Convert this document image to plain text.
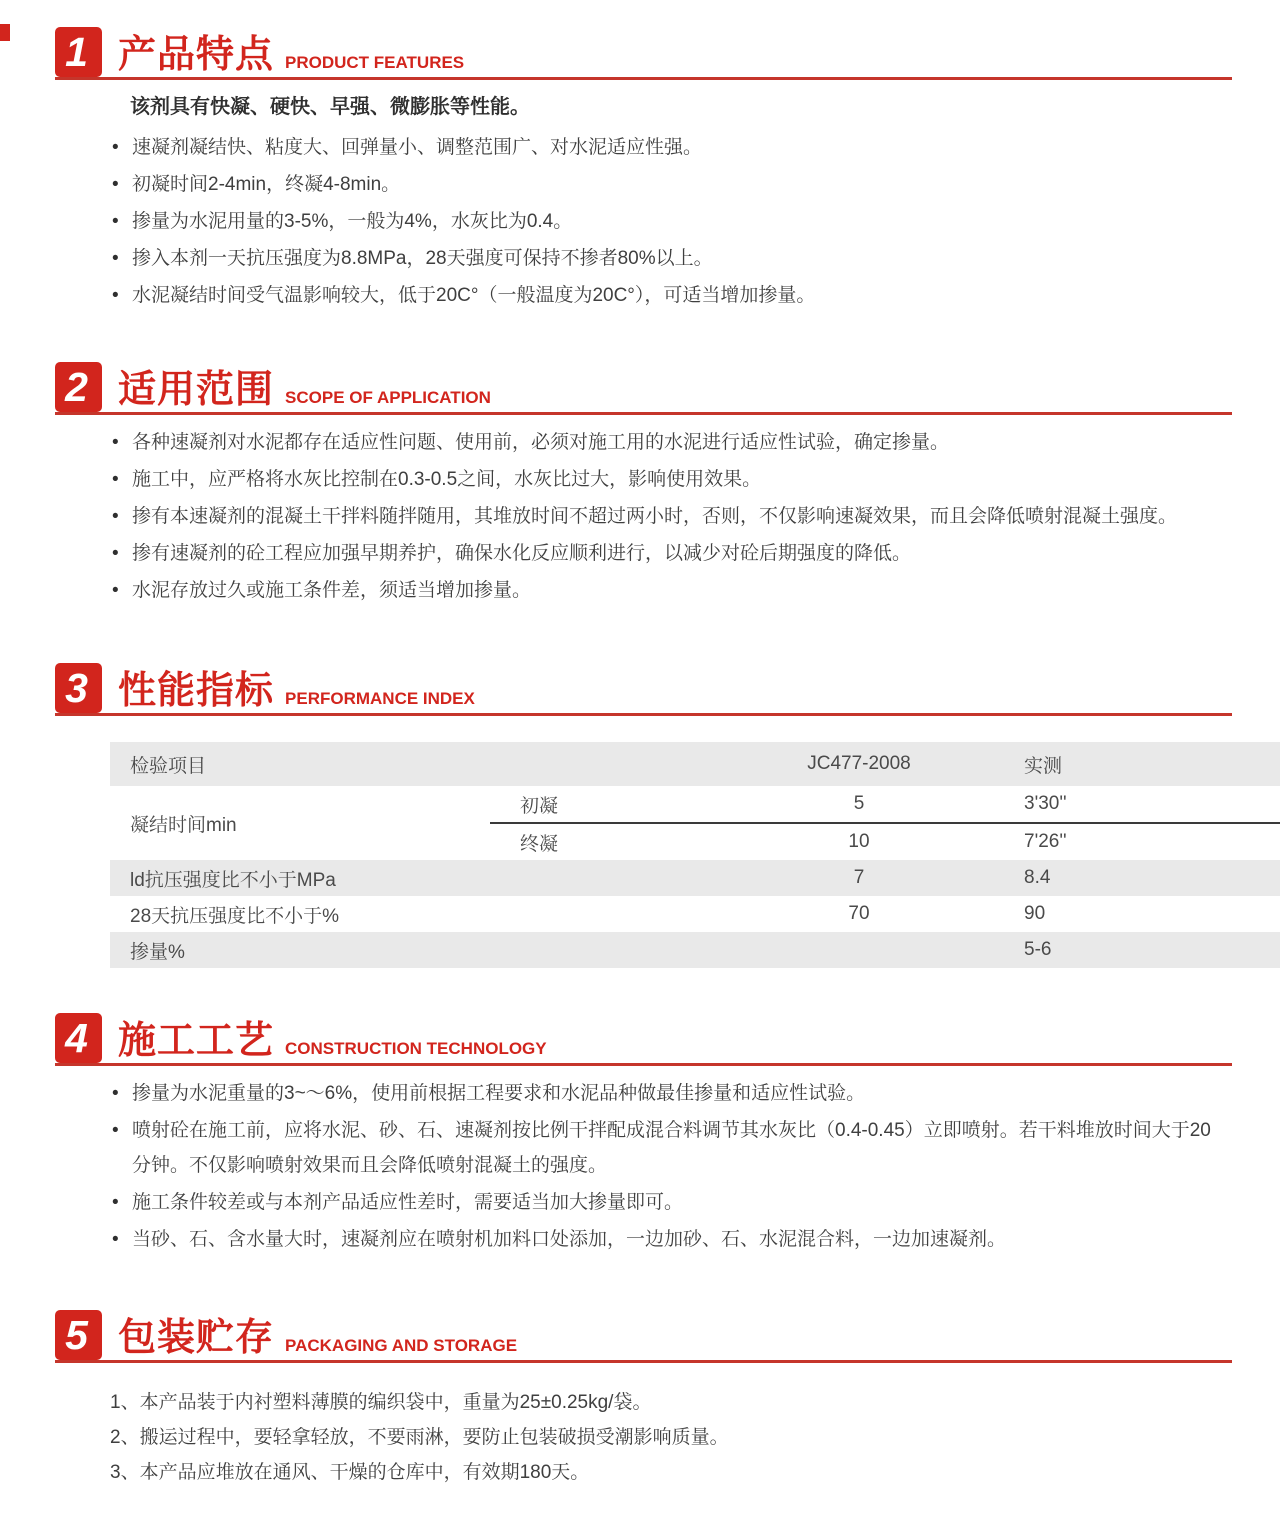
1 产品特点 PRODUCT FEATURES
该剂具有快凝、硬快、早强、微膨胀等性能。
• 速凝剂凝结快、粘度大、回弹量小、调整范围广、对水泥适应性强。
• 初凝时间2-4min，终凝4-8min。
• 掺量为水泥用量的3-5%，一般为4%，水灰比为0.4。
• 掺入本剂一天抗压强度为8.8MPa，28天强度可保持不掺者80%以上。
• 水泥凝结时间受气温影响较大，低于20C°（一般温度为20C°），可适当增加掺量。
2 适用范围 SCOPE OF APPLICATION
• 各种速凝剂对水泥都存在适应性问题、使用前，必须对施工用的水泥进行适应性试验，确定掺量。
• 施工中，应严格将水灰比控制在0.3-0.5之间，水灰比过大，影响使用效果。
• 掺有本速凝剂的混凝土干拌料随拌随用，其堆放时间不超过两小时，否则，不仅影响速凝效果，而且会降低喷射混凝土强度。
• 掺有速凝剂的砼工程应加强早期养护，确保水化反应顺利进行，以减少对砼后期强度的降低。
• 水泥存放过久或施工条件差，须适当增加掺量。
3 性能指标 PERFORMANCE INDEX
检验项目		JC477-2008	实测
凝结时间min	初凝	5	3'30''
	终凝	10	7'26''
ld抗压强度比不小于MPa		7	8.4
28天抗压强度比不小于%		70	90
掺量%			5-6
4 施工工艺 CONSTRUCTION TECHNOLOGY
• 掺量为水泥重量的3~～6%，使用前根据工程要求和水泥品种做最佳掺量和适应性试验。
• 喷射砼在施工前，应将水泥、砂、石、速凝剂按比例干拌配成混合料调节其水灰比（0.4-0.45）立即喷射。若干料堆放时间大于20分钟。不仅影响喷射效果而且会降低喷射混凝土的强度。
• 施工条件较差或与本剂产品适应性差时，需要适当加大掺量即可。
• 当砂、石、含水量大时，速凝剂应在喷射机加料口处添加，一边加砂、石、水泥混合料，一边加速凝剂。
5 包装贮存 PACKAGING AND STORAGE
1、本产品装于内衬塑料薄膜的编织袋中，重量为25±0.25kg/袋。
2、搬运过程中，要轻拿轻放，不要雨淋，要防止包装破损受潮影响质量。
3、本产品应堆放在通风、干燥的仓库中，有效期180天。
